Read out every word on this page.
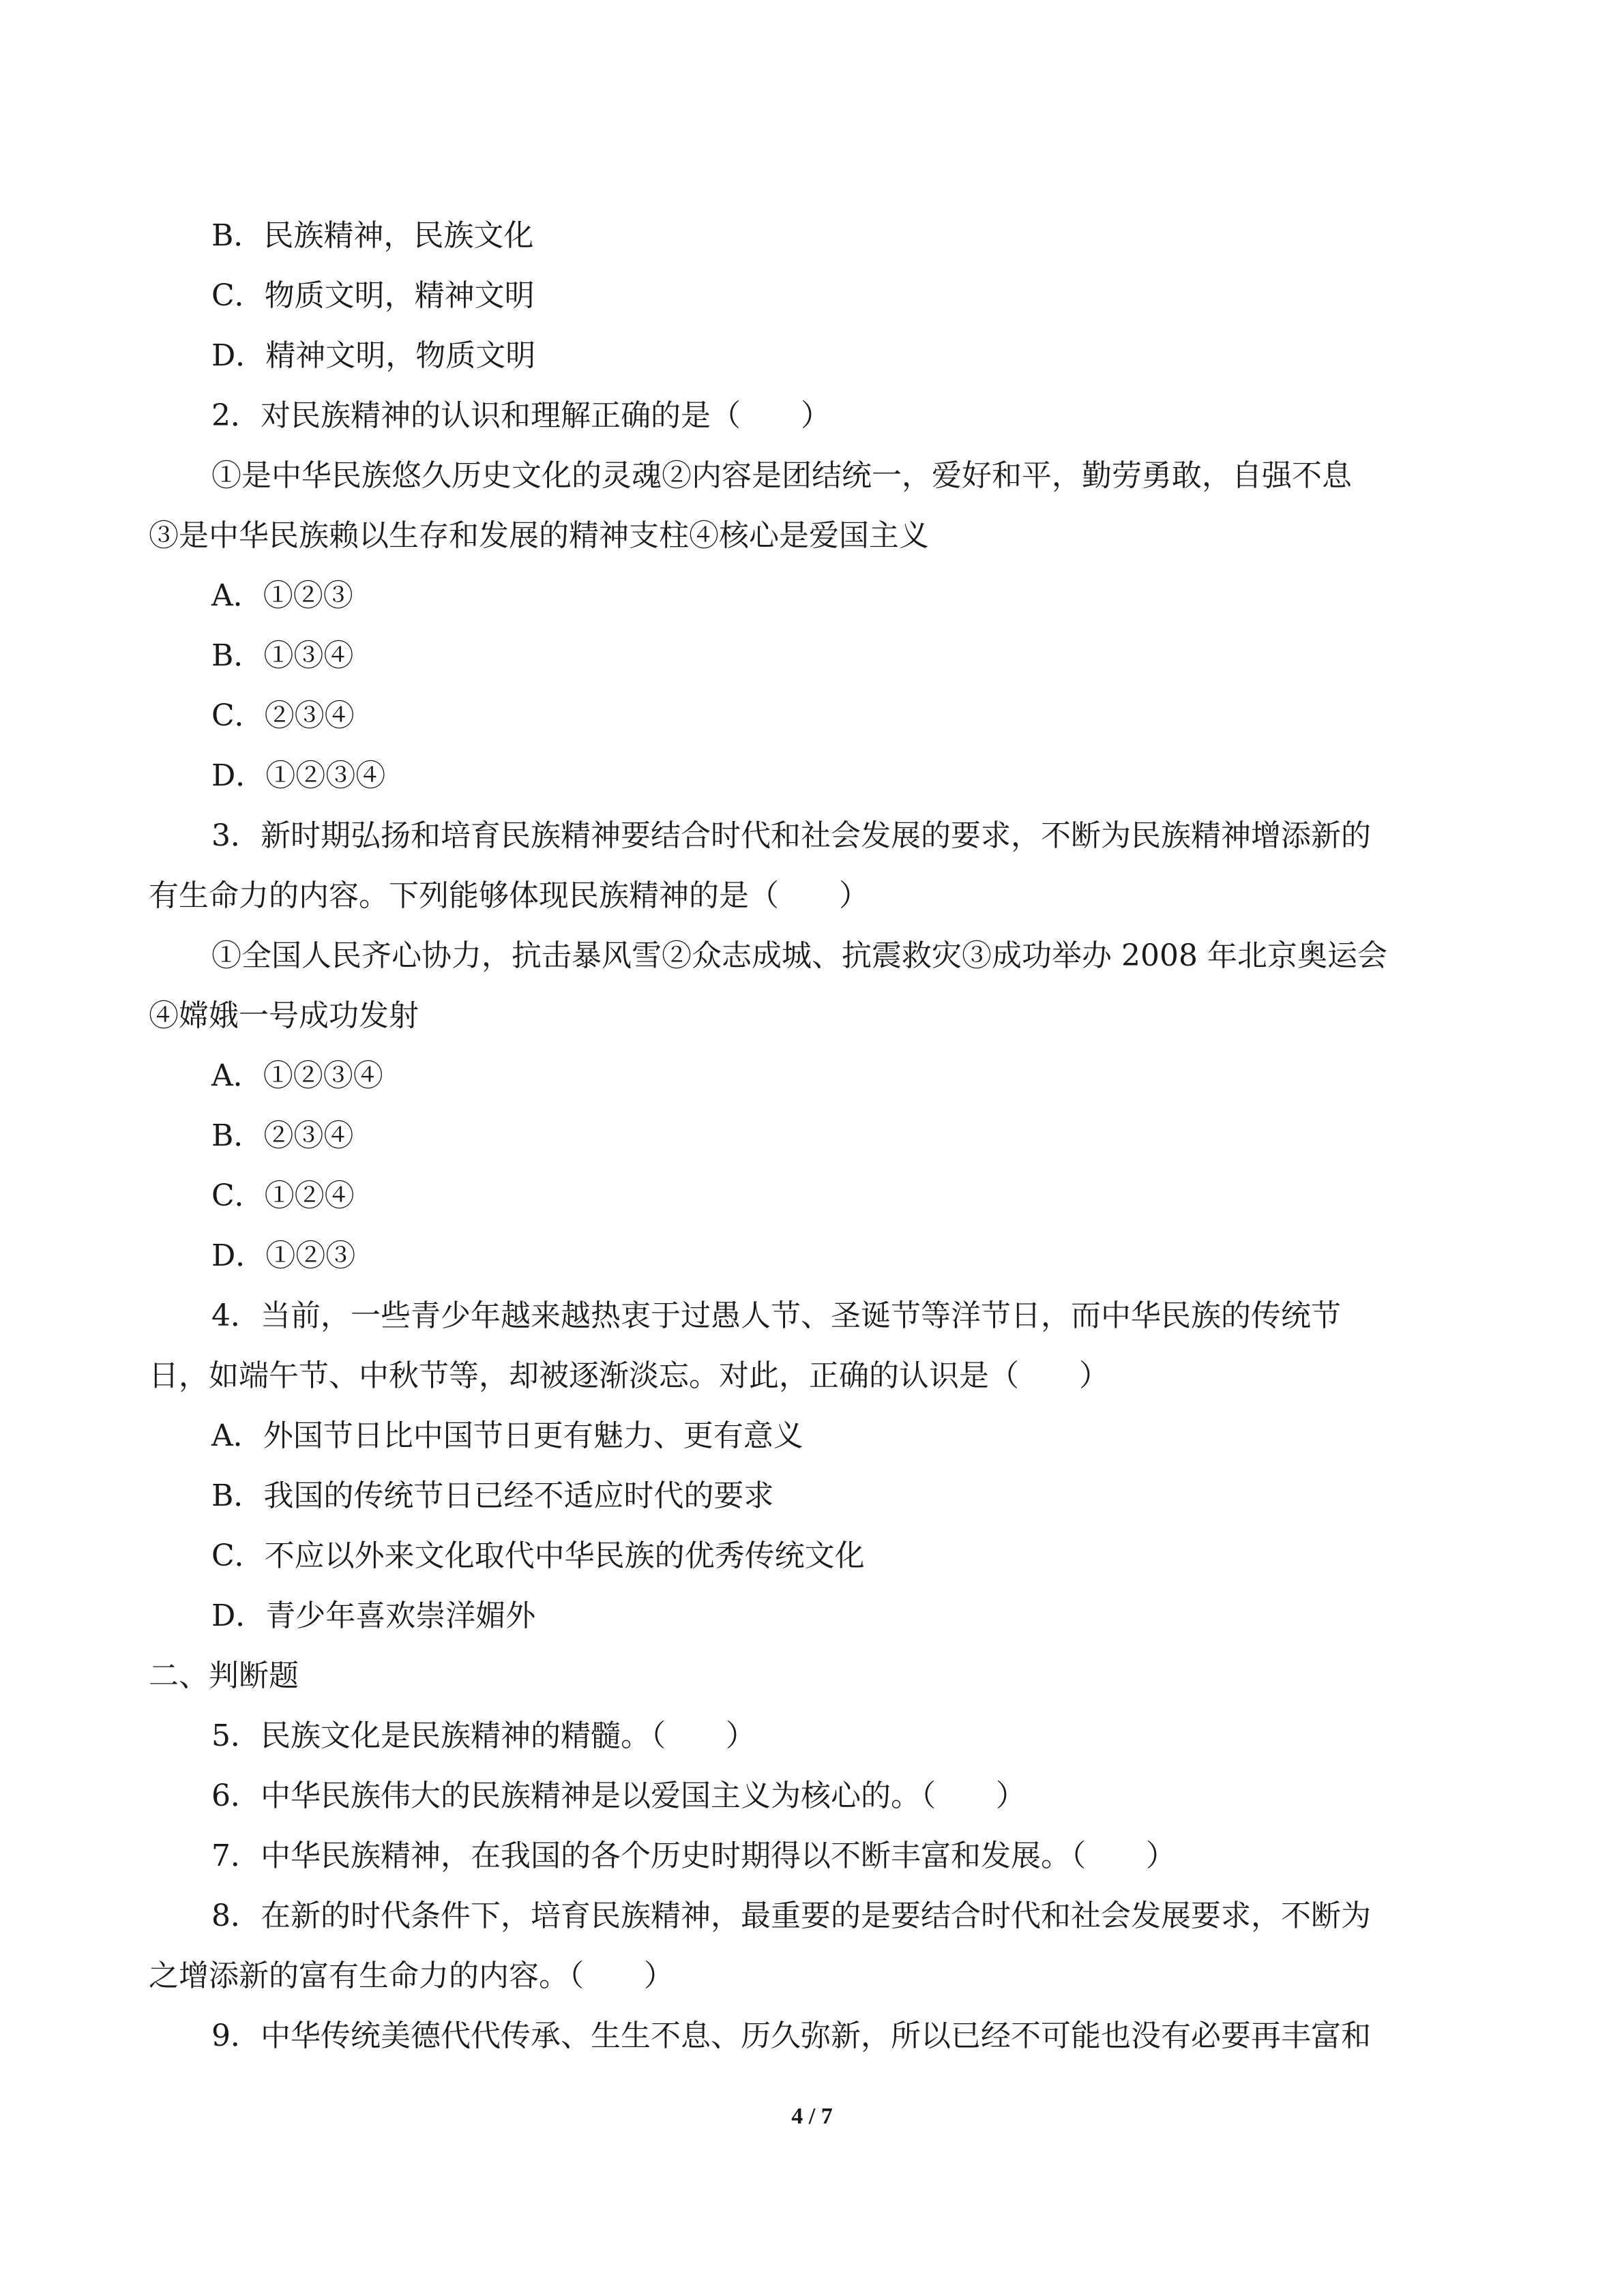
B．民族精神，民族文化
C．物质文明，精神文明
D．精神文明，物质文明
2．对民族精神的认识和理解正确的是（　　）
①是中华民族悠久历史文化的灵魂②内容是团结统一，爱好和平，勤劳勇敢，自强不息
③是中华民族赖以生存和发展的精神支柱④核心是爱国主义
A．①②③
B．①③④
C．②③④
D．①②③④
3．新时期弘扬和培育民族精神要结合时代和社会发展的要求，不断为民族精神增添新的
有生命力的内容。下列能够体现民族精神的是（　　）
①全国人民齐心协力，抗击暴风雪②众志成城、抗震救灾③成功举办 2008 年北京奥运会
④嫦娥一号成功发射
A．①②③④
B．②③④
C．①②④
D．①②③
4．当前，一些青少年越来越热衷于过愚人节、圣诞节等洋节日，而中华民族的传统节
日，如端午节、中秋节等，却被逐渐淡忘。对此，正确的认识是（　　）
A．外国节日比中国节日更有魅力、更有意义
B．我国的传统节日已经不适应时代的要求
C．不应以外来文化取代中华民族的优秀传统文化
D．青少年喜欢崇洋媚外
二、判断题
5．民族文化是民族精神的精髓。（　　）
6．中华民族伟大的民族精神是以爱国主义为核心的。（　　）
7．中华民族精神，在我国的各个历史时期得以不断丰富和发展。（　　）
8．在新的时代条件下，培育民族精神，最重要的是要结合时代和社会发展要求，不断为
之增添新的富有生命力的内容。（　　）
9．中华传统美德代代传承、生生不息、历久弥新，所以已经不可能也没有必要再丰富和
4 / 7
